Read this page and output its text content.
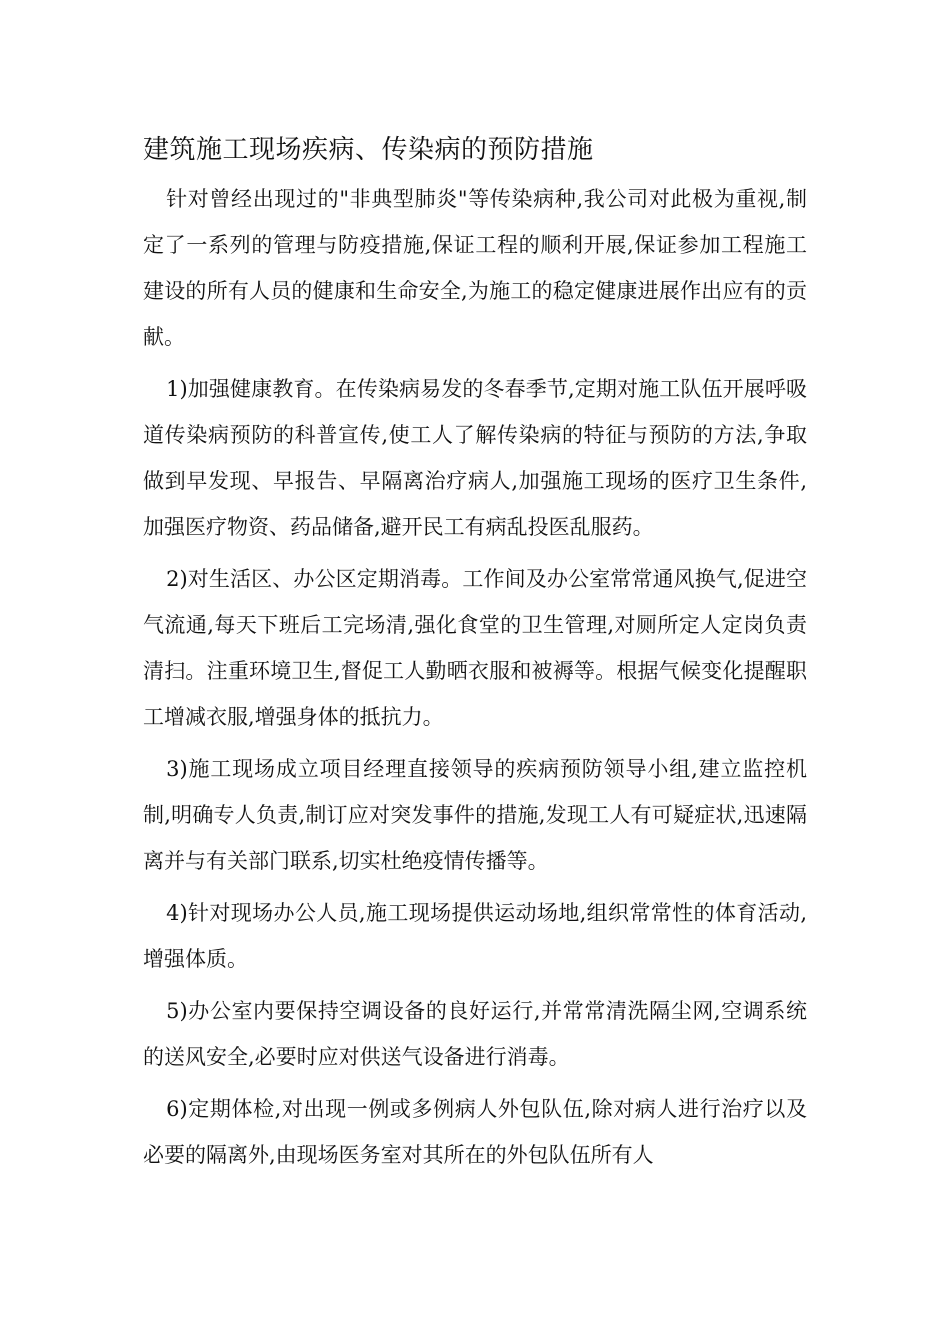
建筑施工现场疾病、传染病的预防措施

针对曾经出现过的"非典型肺炎"等传染病种,我公司对此极为重视,制定了一系列的管理与防疫措施,保证工程的顺利开展,保证参加工程施工建设的所有人员的健康和生命安全,为施工的稳定健康进展作出应有的贡献。

1)加强健康教育。在传染病易发的冬春季节,定期对施工队伍开展呼吸道传染病预防的科普宣传,使工人了解传染病的特征与预防的方法,争取做到早发现、早报告、早隔离治疗病人,加强施工现场的医疗卫生条件,加强医疗物资、药品储备,避开民工有病乱投医乱服药。

2)对生活区、办公区定期消毒。工作间及办公室常常通风换气,促进空气流通,每天下班后工完场清,强化食堂的卫生管理,对厕所定人定岗负责清扫。注重环境卫生,督促工人勤晒衣服和被褥等。根据气候变化提醒职工增减衣服,增强身体的抵抗力。

3)施工现场成立项目经理直接领导的疾病预防领导小组,建立监控机制,明确专人负责,制订应对突发事件的措施,发现工人有可疑症状,迅速隔离并与有关部门联系,切实杜绝疫情传播等。

4)针对现场办公人员,施工现场提供运动场地,组织常常性的体育活动,增强体质。

5)办公室内要保持空调设备的良好运行,并常常清洗隔尘网,空调系统的送风安全,必要时应对供送气设备进行消毒。

6)定期体检,对出现一例或多例病人外包队伍,除对病人进行治疗以及必要的隔离外,由现场医务室对其所在的外包队伍所有人
